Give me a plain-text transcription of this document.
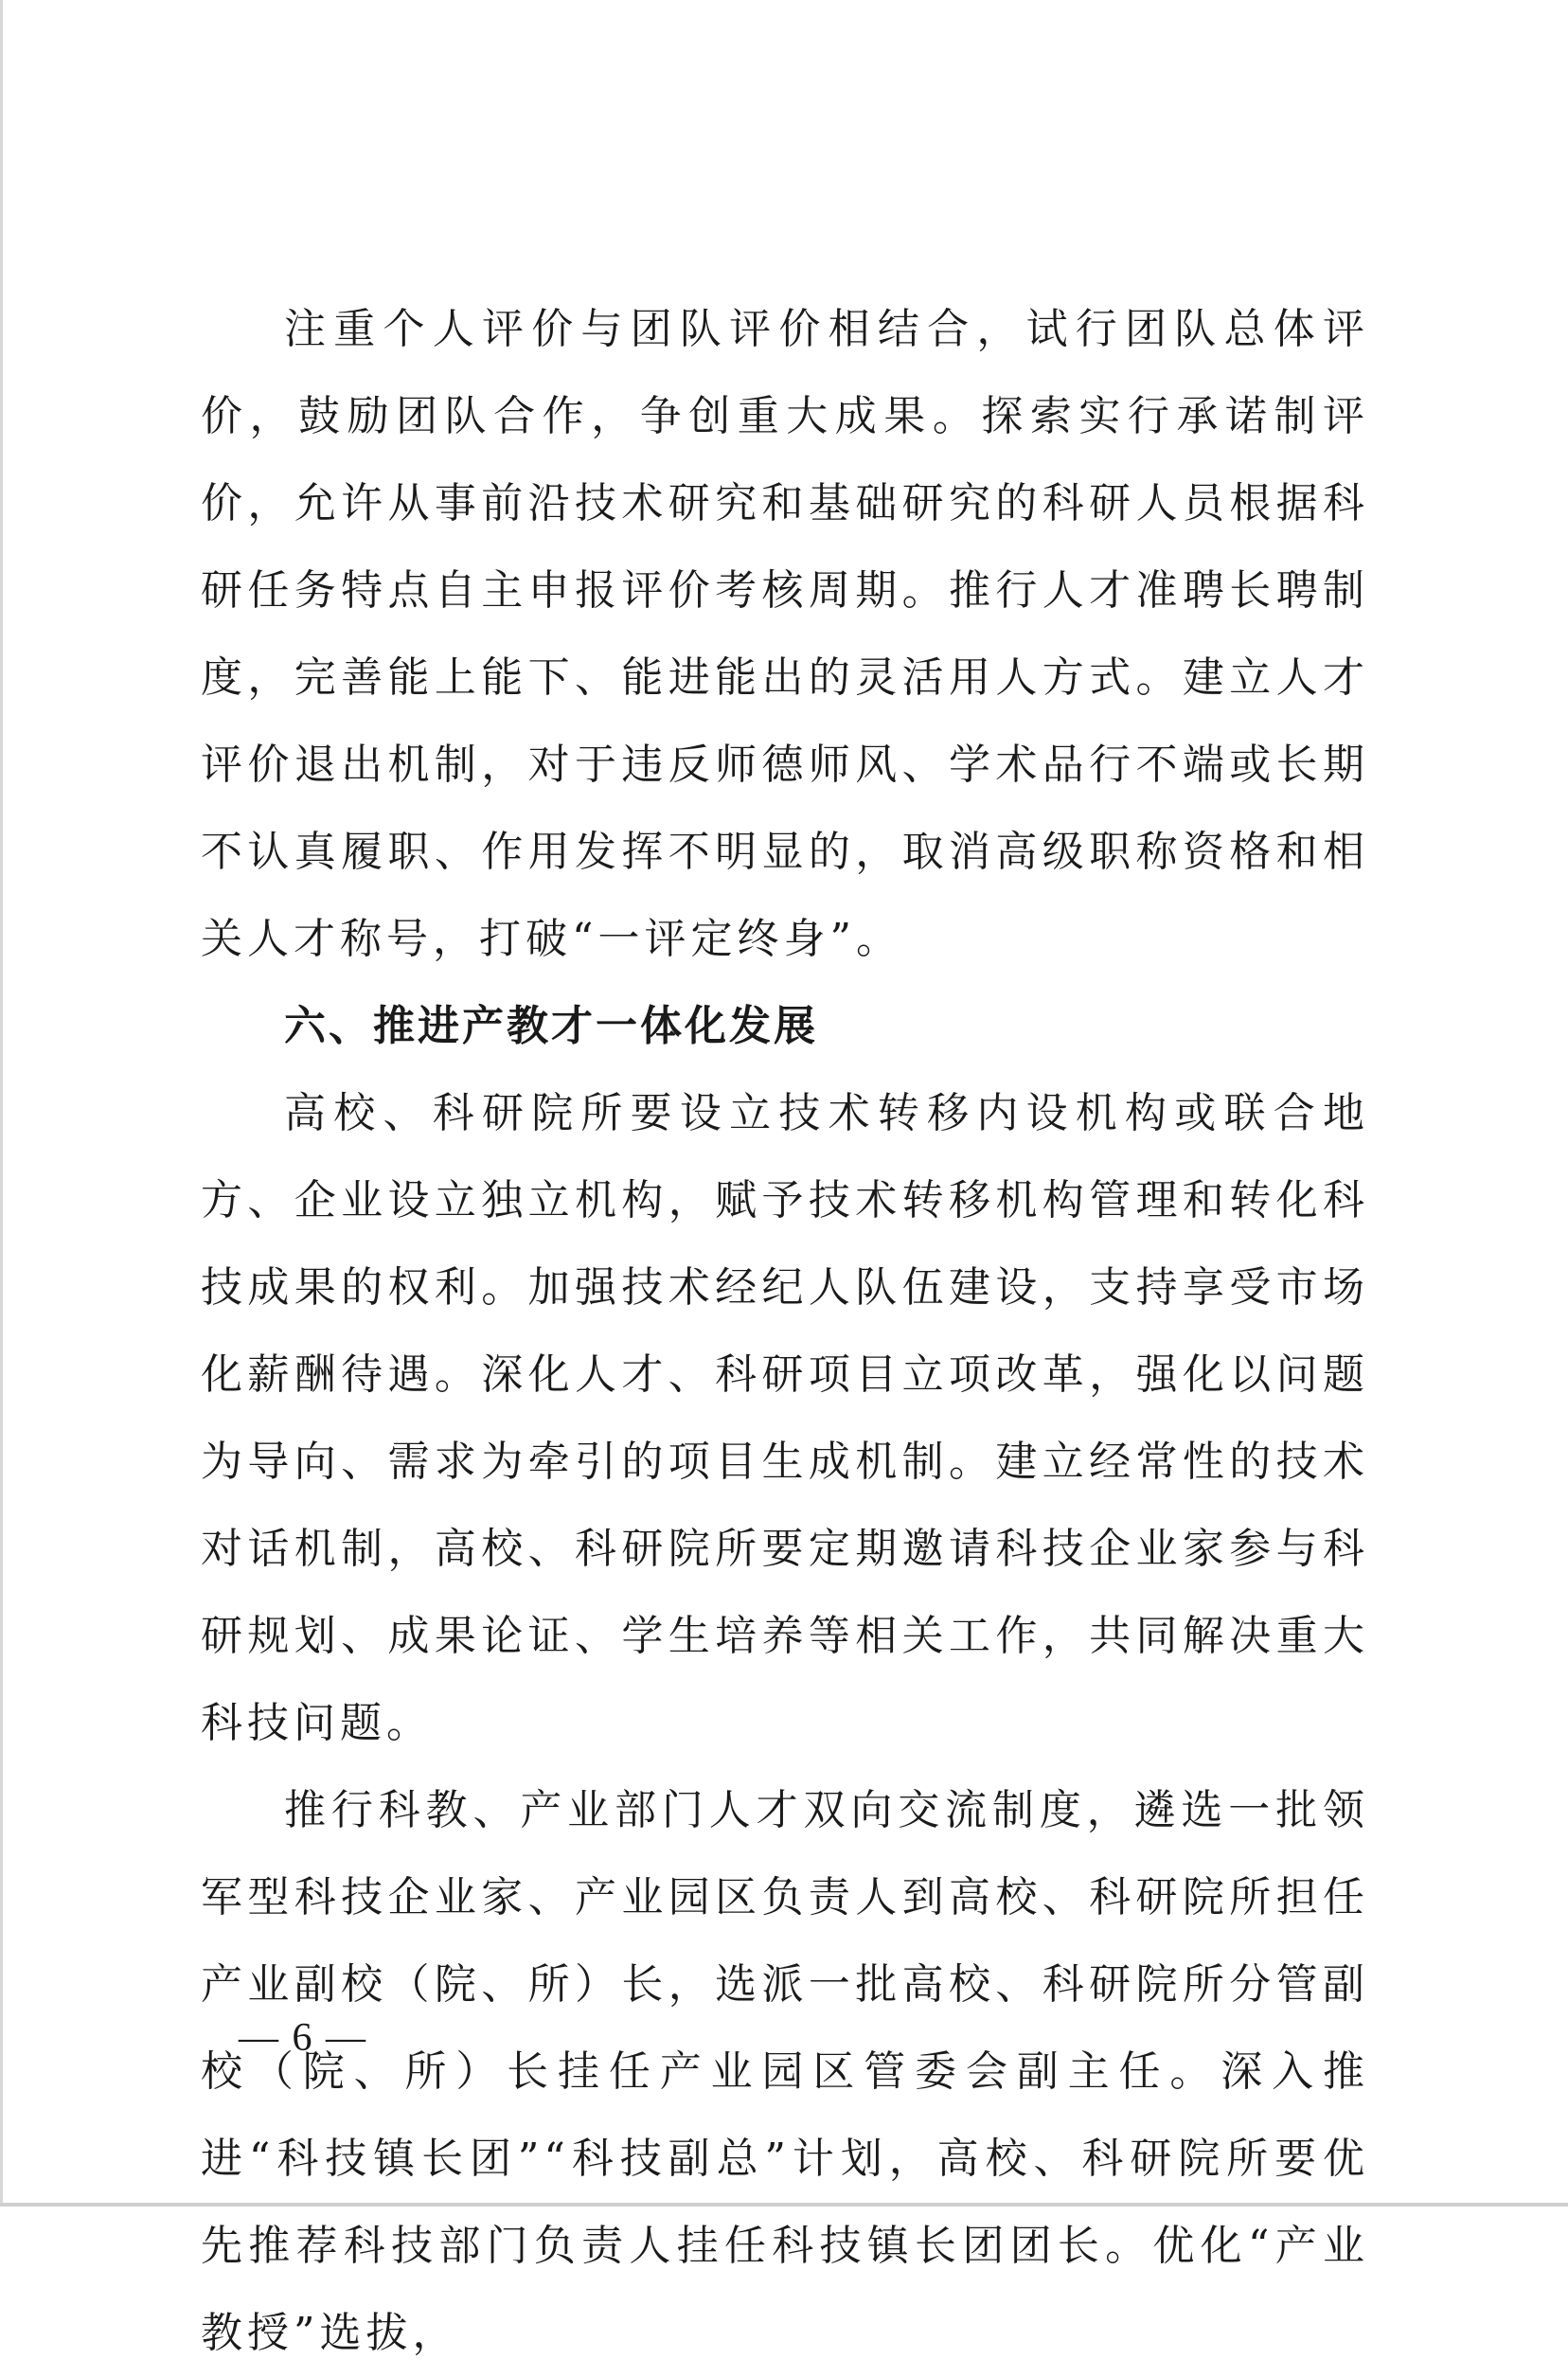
注重个人评价与团队评价相结合，试行团队总体评价，鼓励团队合作，争创重大成果。探索实行承诺制评价，允许从事前沿技术研究和基础研究的科研人员根据科研任务特点自主申报评价考核周期。推行人才准聘长聘制度，完善能上能下、能进能出的灵活用人方式。建立人才评价退出机制，对于违反师德师风、学术品行不端或长期不认真履职、作用发挥不明显的，取消高级职称资格和相关人才称号，打破“一评定终身”。

六、推进产教才一体化发展

高校、科研院所要设立技术转移内设机构或联合地方、企业设立独立机构，赋予技术转移机构管理和转化科技成果的权利。加强技术经纪人队伍建设，支持享受市场化薪酬待遇。深化人才、科研项目立项改革，强化以问题为导向、需求为牵引的项目生成机制。建立经常性的技术对话机制，高校、科研院所要定期邀请科技企业家参与科研规划、成果论证、学生培养等相关工作，共同解决重大科技问题。

推行科教、产业部门人才双向交流制度，遴选一批领军型科技企业家、产业园区负责人到高校、科研院所担任产业副校（院、所）长，选派一批高校、科研院所分管副校（院、所）长挂任产业园区管委会副主任。深入推进“科技镇长团”“科技副总”计划，高校、科研院所要优先推荐科技部门负责人挂任科技镇长团团长。优化“产业教授”选拔，

— 6 —
